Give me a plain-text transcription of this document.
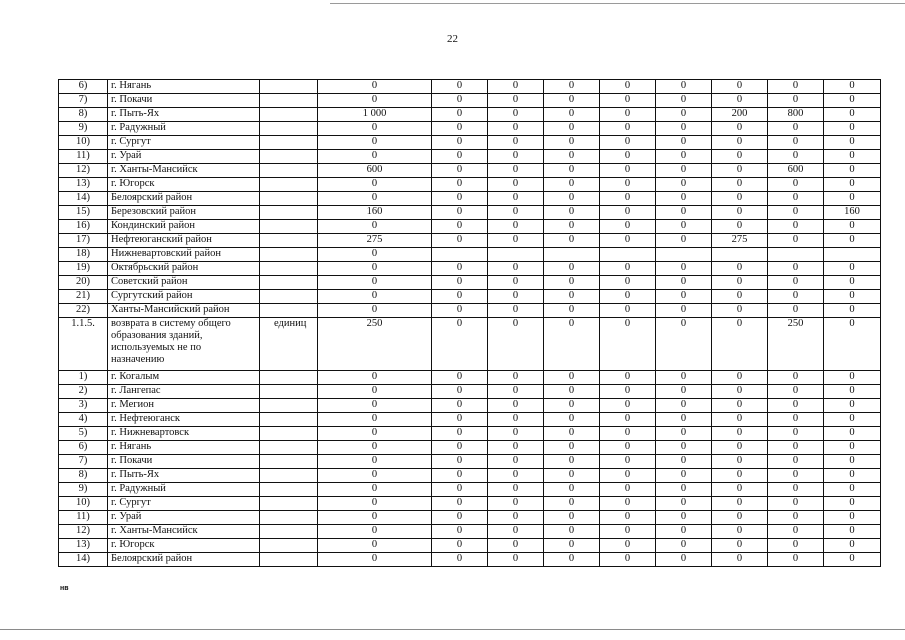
22
6)	г. Нягань		0	0	0	0	0	0	0	0	0
7)	г. Покачи		0	0	0	0	0	0	0	0	0
8)	г. Пыть-Ях		1 000	0	0	0	0	0	200	800	0
9)	г. Радужный		0	0	0	0	0	0	0	0	0
10)	г. Сургут		0	0	0	0	0	0	0	0	0
11)	г. Урай		0	0	0	0	0	0	0	0	0
12)	г. Ханты-Мансийск		600	0	0	0	0	0	0	600	0
13)	г. Югорск		0	0	0	0	0	0	0	0	0
14)	Белоярский район		0	0	0	0	0	0	0	0	0
15)	Березовский район		160	0	0	0	0	0	0	0	160
16)	Кондинский район		0	0	0	0	0	0	0	0	0
17)	Нефтеюганский район		275	0	0	0	0	0	275	0	0
18)	Нижневартовский район		0								
19)	Октябрьский район		0	0	0	0	0	0	0	0	0
20)	Советский район		0	0	0	0	0	0	0	0	0
21)	Сургутский район		0	0	0	0	0	0	0	0	0
22)	Ханты-Мансийский район		0	0	0	0	0	0	0	0	0
1.1.5.	возврата в систему общего образования зданий, используемых не по назначению	единиц	250	0	0	0	0	0	0	250	0
1)	г. Когалым		0	0	0	0	0	0	0	0	0
2)	г. Лангепас		0	0	0	0	0	0	0	0	0
3)	г. Мегион		0	0	0	0	0	0	0	0	0
4)	г. Нефтеюганск		0	0	0	0	0	0	0	0	0
5)	г. Нижневартовск		0	0	0	0	0	0	0	0	0
6)	г. Нягань		0	0	0	0	0	0	0	0	0
7)	г. Покачи		0	0	0	0	0	0	0	0	0
8)	г. Пыть-Ях		0	0	0	0	0	0	0	0	0
9)	г. Радужный		0	0	0	0	0	0	0	0	0
10)	г. Сургут		0	0	0	0	0	0	0	0	0
11)	г. Урай		0	0	0	0	0	0	0	0	0
12)	г. Ханты-Мансийск		0	0	0	0	0	0	0	0	0
13)	г. Югорск		0	0	0	0	0	0	0	0	0
14)	Белоярский район		0	0	0	0	0	0	0	0	0
нв
